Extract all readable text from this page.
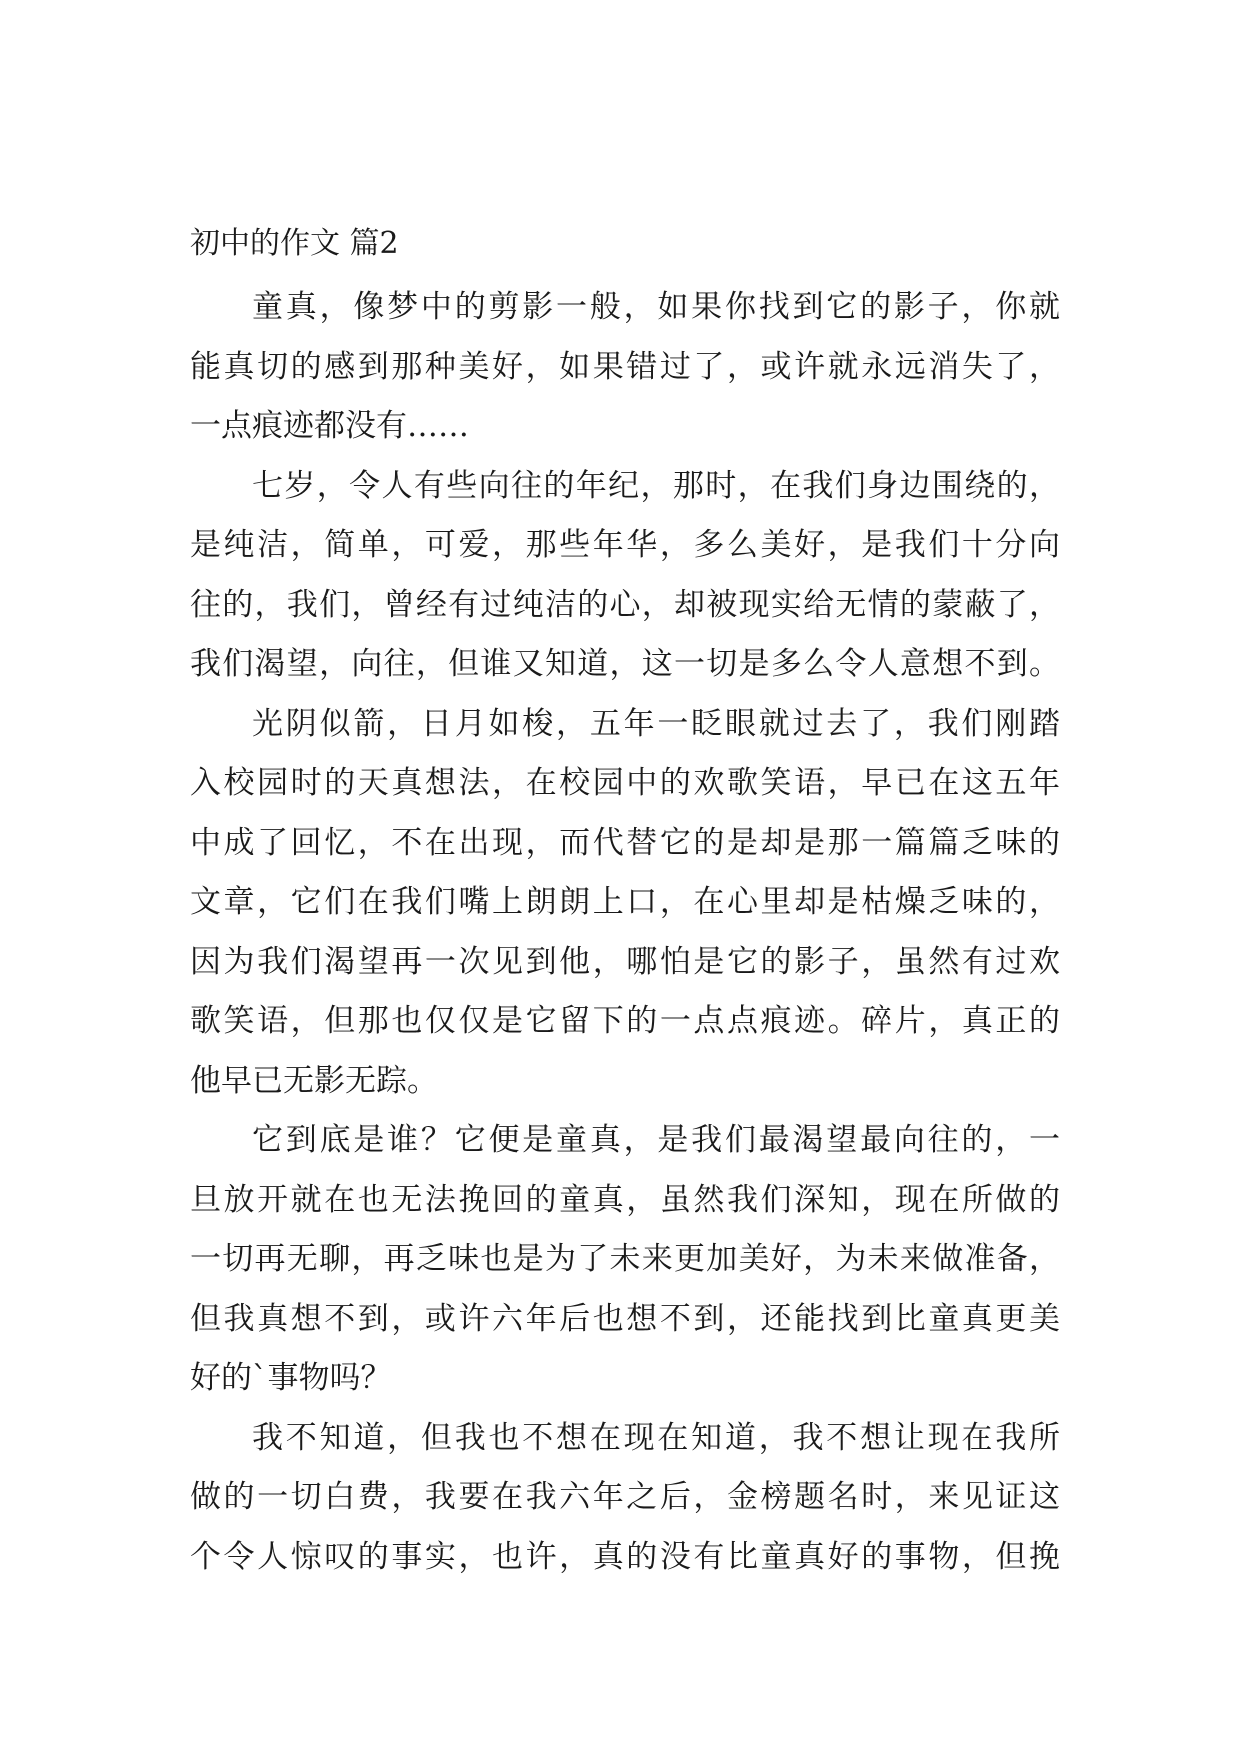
初中的作文 篇2
童真，像梦中的剪影一般，如果你找到它的影子，你就
能真切的感到那种美好，如果错过了，或许就永远消失了，
一点痕迹都没有……
七岁，令人有些向往的年纪，那时，在我们身边围绕的，
是纯洁，简单，可爱，那些年华，多么美好，是我们十分向
往的，我们，曾经有过纯洁的心，却被现实给无情的蒙蔽了，
我们渴望，向往，但谁又知道，这一切是多么令人意想不到。
光阴似箭，日月如梭，五年一眨眼就过去了，我们刚踏
入校园时的天真想法，在校园中的欢歌笑语，早已在这五年
中成了回忆，不在出现，而代替它的是却是那一篇篇乏味的
文章，它们在我们嘴上朗朗上口，在心里却是枯燥乏味的，
因为我们渴望再一次见到他，哪怕是它的影子，虽然有过欢
歌笑语，但那也仅仅是它留下的一点点痕迹。碎片，真正的
他早已无影无踪。
它到底是谁？它便是童真，是我们最渴望最向往的，一
旦放开就在也无法挽回的童真，虽然我们深知，现在所做的
一切再无聊，再乏味也是为了未来更加美好，为未来做准备，
但我真想不到，或许六年后也想不到，还能找到比童真更美
好的`事物吗？
我不知道，但我也不想在现在知道，我不想让现在我所
做的一切白费，我要在我六年之后，金榜题名时，来见证这
个令人惊叹的事实，也许，真的没有比童真好的事物，但挽
